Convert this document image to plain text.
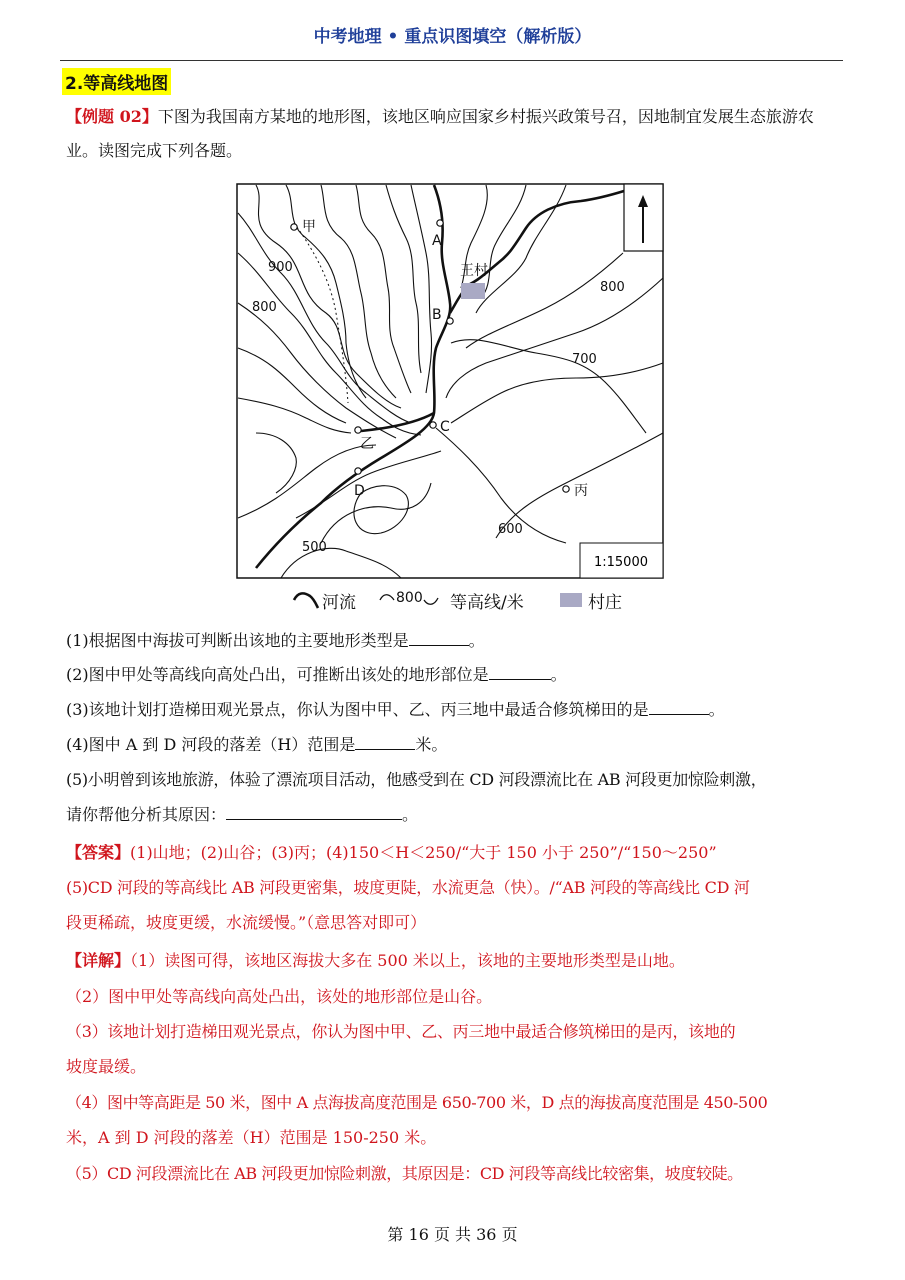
中考地理 • 重点识图填空（解析版）
2.等高线地图
【例题 02】下图为我国南方某地的地形图，该地区响应国家乡村振兴政策号召，因地制宜发展生态旅游农业。读图完成下列各题。
1:15000
甲
A
王村
B
C
乙
D	丙
900
800
800
700
600
500
河流	800 等高线/米	村庄
(1)根据图中海拔可判断出该地的主要地形类型是	。
(2)图中甲处等高线向高处凸出，可推断出该处的地形部位是	。
(3)该地计划打造梯田观光景点，你认为图中甲、乙、丙三地中最适合修筑梯田的是	。
(4)图中 A 到 D 河段的落差（H）范围是	米。
(5)小明曾到该地旅游，体验了漂流项目活动，他感受到在 CD 河段漂流比在 AB 河段更加惊险刺激，
请你帮他分析其原因：	。
【答案】(1)山地；(2)山谷；(3)丙；(4)150＜H＜250/“大于 150 小于 250”/“150～250”
(5)CD 河段的等高线比 AB 河段更密集，坡度更陡，水流更急（快）。/“AB 河段的等高线比 CD 河
段更稀疏，坡度更缓，水流缓慢。”（意思答对即可）
【详解】（1）读图可得，该地区海拔大多在 500 米以上，该地的主要地形类型是山地。
（2）图中甲处等高线向高处凸出，该处的地形部位是山谷。
（3）该地计划打造梯田观光景点，你认为图中甲、乙、丙三地中最适合修筑梯田的是丙，该地的
坡度最缓。
（4）图中等高距是 50 米，图中 A 点海拔高度范围是 650-700 米，D 点的海拔高度范围是 450-500
米，A 到 D 河段的落差（H）范围是 150-250 米。
（5）CD 河段漂流比在 AB 河段更加惊险刺激，其原因是：CD 河段等高线比较密集，坡度较陡。
第 16 页 共 36 页
